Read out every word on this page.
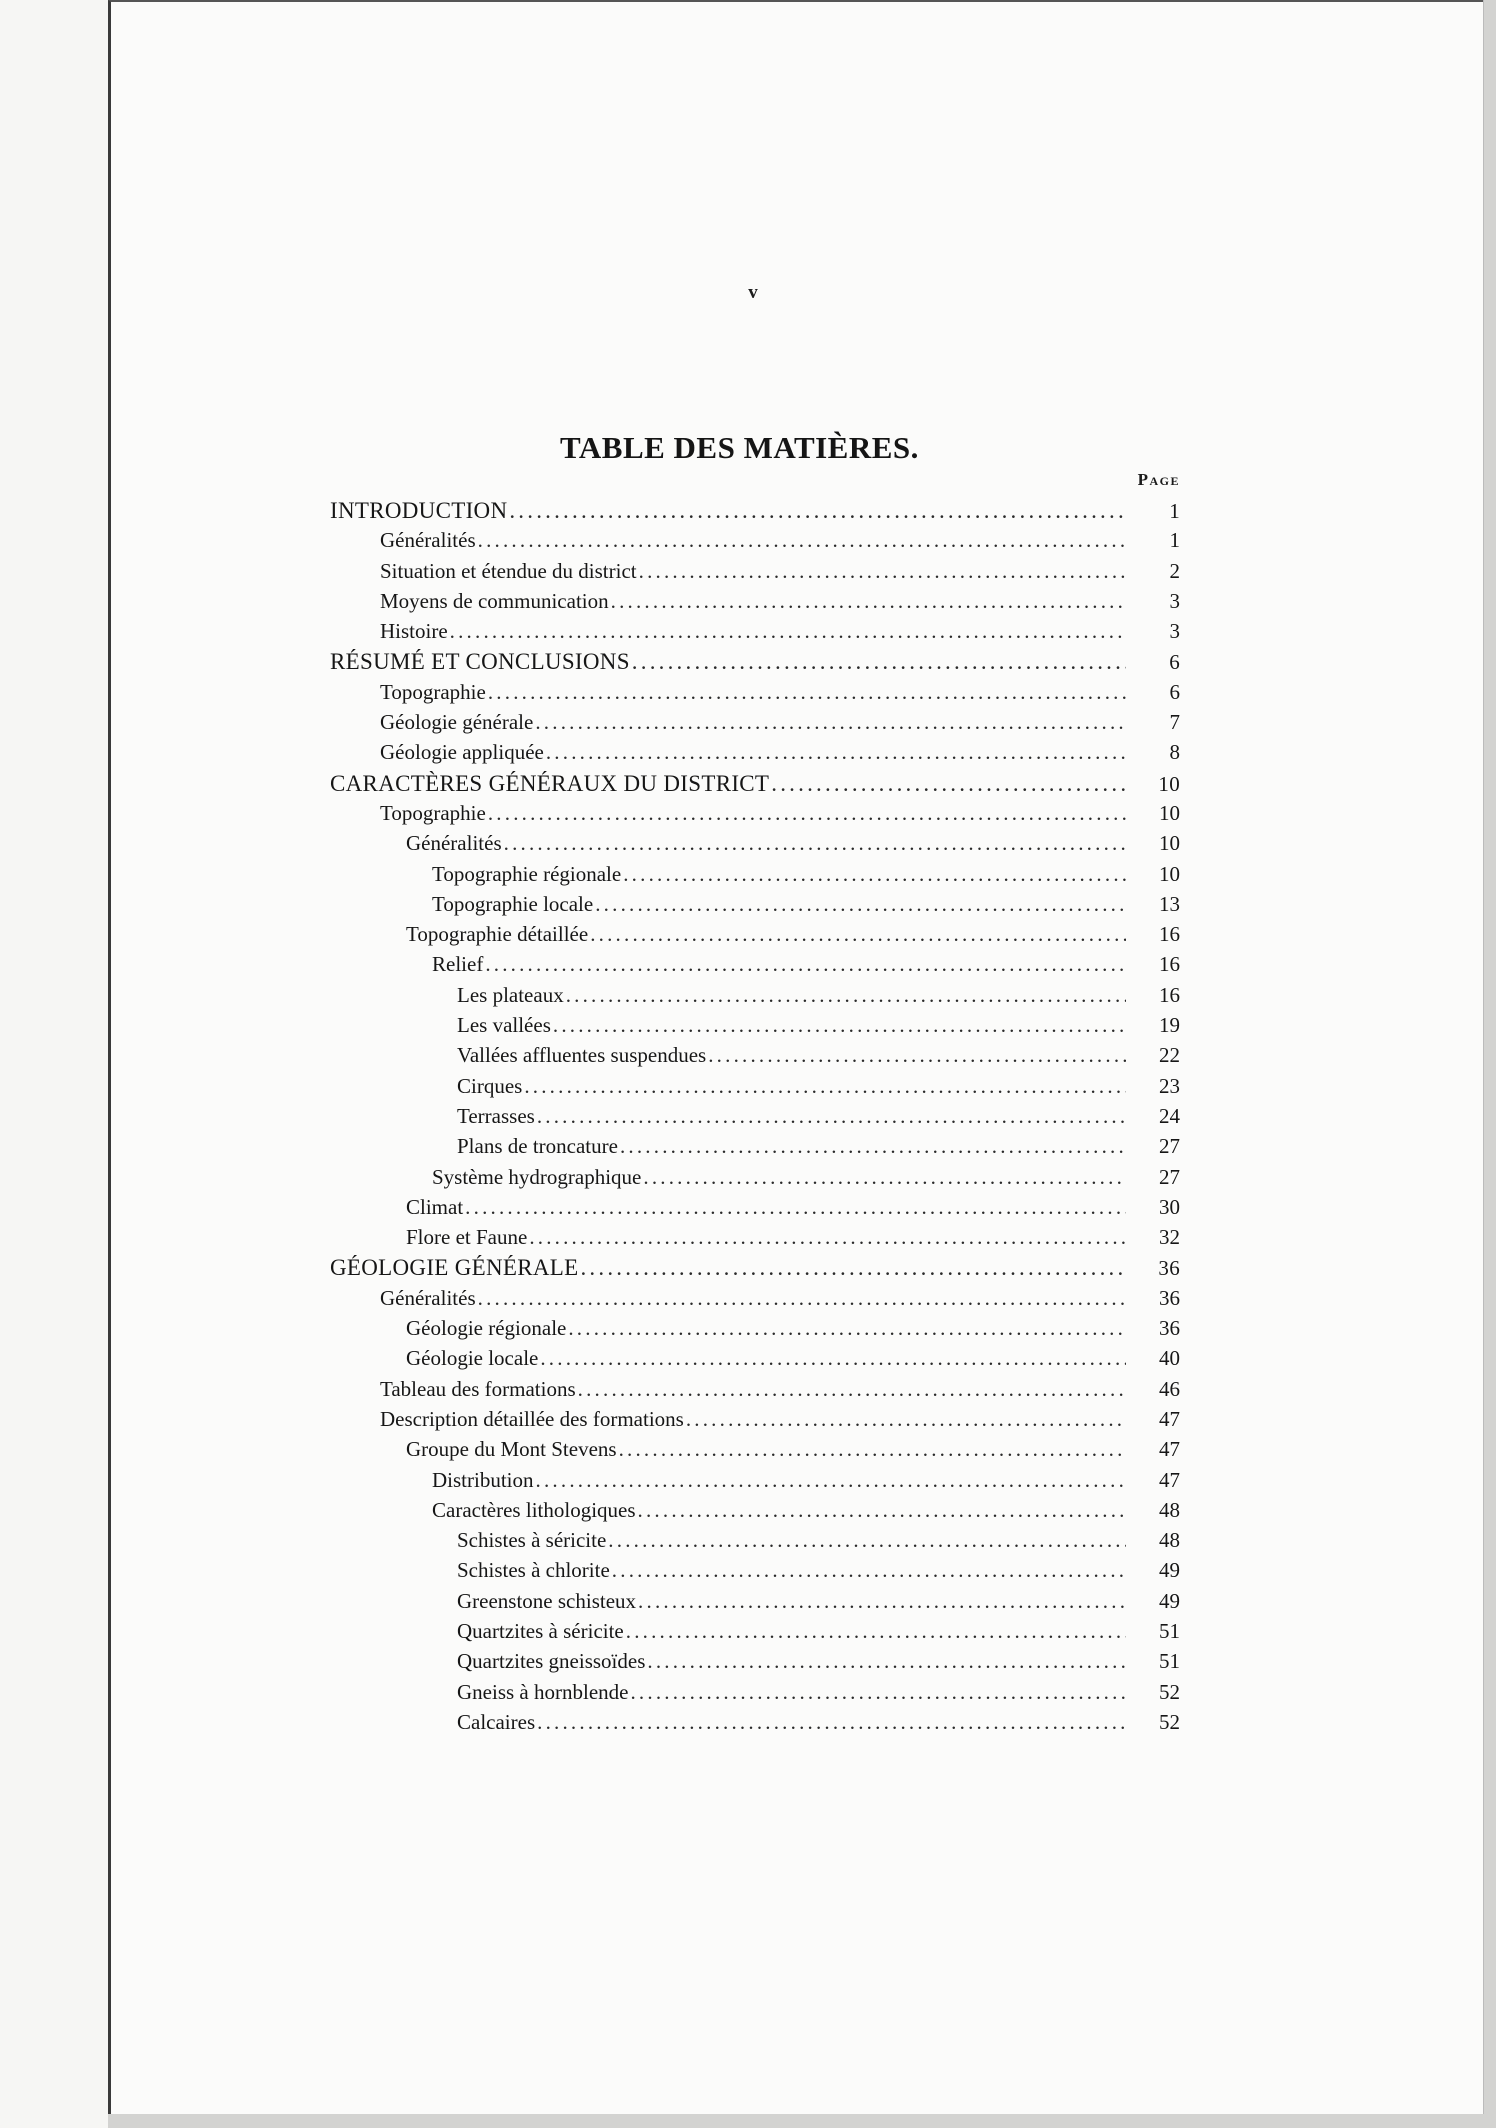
v
TABLE DES MATIÈRES.
Page
INTRODUCTION .....	1
Généralités .....	1
Situation et étendue du district .....	2
Moyens de communication .....	3
Histoire .....	3
RÉSUMÉ ET CONCLUSIONS .....	6
Topographie .....	6
Géologie générale .....	7
Géologie appliquée .....	8
CARACTÈRES GÉNÉRAUX DU DISTRICT .....	10
Topographie .....	10
Généralités .....	10
Topographie régionale .....	10
Topographie locale .....	13
Topographie détaillée .....	16
Relief .....	16
Les plateaux .....	16
Les vallées .....	19
Vallées affluentes suspendues .....	22
Cirques .....	23
Terrasses .....	24
Plans de troncature .....	27
Système hydrographique .....	27
Climat .....	30
Flore et Faune .....	32
GÉOLOGIE GÉNÉRALE .....	36
Généralités .....	36
Géologie régionale .....	36
Géologie locale .....	40
Tableau des formations .....	46
Description détaillée des formations .....	47
Groupe du Mont Stevens .....	47
Distribution .....	47
Caractères lithologiques .....	48
Schistes à séricite .....	48
Schistes à chlorite .....	49
Greenstone schisteux .....	49
Quartzites à séricite .....	51
Quartzites gneissoïdes .....	51
Gneiss à hornblende .....	52
Calcaires .....	52
